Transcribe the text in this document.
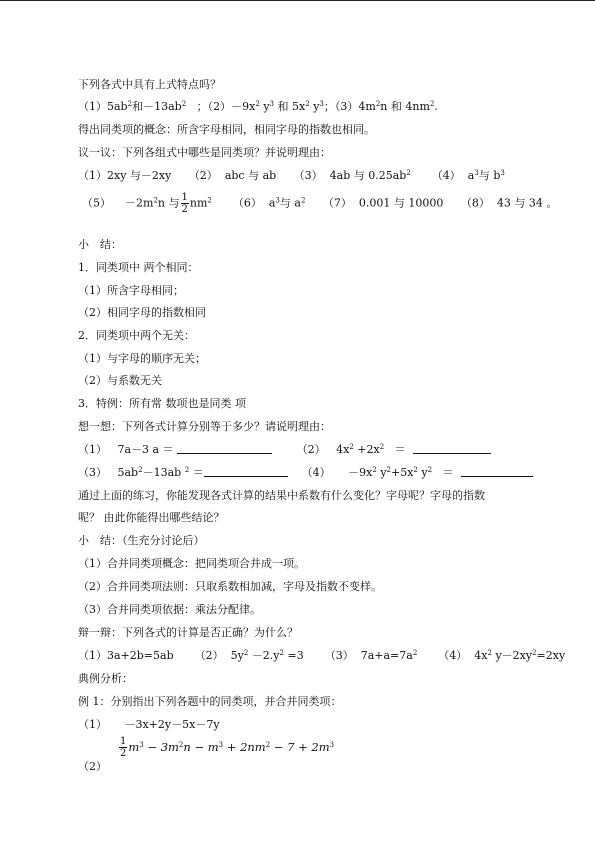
下列各式中具有上式特点吗？
$(1)5ab^2$和$-13ab^2$ ；$(2)-9x^2$ $y^3$ 和 $5x^2$ $y^3$；$(3)4m^2n$ 和 $4nm^2$.
得出同类项的概念：所含字母相同，相同字母的指数也相同。
议一议：下列各组式中哪些是同类项？并说明理由：
（1）2xy 与－2xy （2） abc 与 ab （3） 4ab 与 $0.25ab^2$ （4） $a^3$与 $b^3$
$(5) -2m^2n$ 与 $\frac{1}{2} nm^2$ （6） $a^3$与 $a^2$ （7） 0.001 与 10000 （8） 43 与 34 。
小　结：
1．同类项中 两个相同：
（1）所含字母相同；
（2）相同字母的指数相同
2．同类项中两个无关：
（1）与字母的顺序无关；
（2）与系数无关
3．特例：所有常 数项也是同类 项
想一想：下列各式计算分别等于多少？请说明理由：
（1） 7a－3 a ＝	（2） $4x^2 +2x^2$ ＝
（3） $5ab^2-13ab$ $^2$ ＝	$(4) -9x^2$ $y^2+5x^2$ $y^2$ ＝
通过上面的练习，你能发现各式计算的结果中系数有什么变化？字母呢？字母的指数
呢？ 由此你能得出哪些结论？
小　结：（生充分讨论后）
（1）合并同类项概念：把同类项合并成一项。
（2）合并同类项法则：只取系数相加减，字母及指数不变样。
（3）合并同类项依据：乘法分配律。
辩一辩：下列各式的计算是否正确？为什么？
（1）3a+2b=5ab （2） $5y^2 -2.y^2 =3$ （3） $7a+a=7a^2$ （4） $4x^2$ $y-2xy^2=2xy$
典例分析：
例 1：分别指出下列各题中的同类项，并合并同类项：
（1） －3x+2y－5x－7y
（2）
$\frac{1}{2} m^3 - 3m^2n - m^3 + 2nm^2 - 7 + 2m^3$
